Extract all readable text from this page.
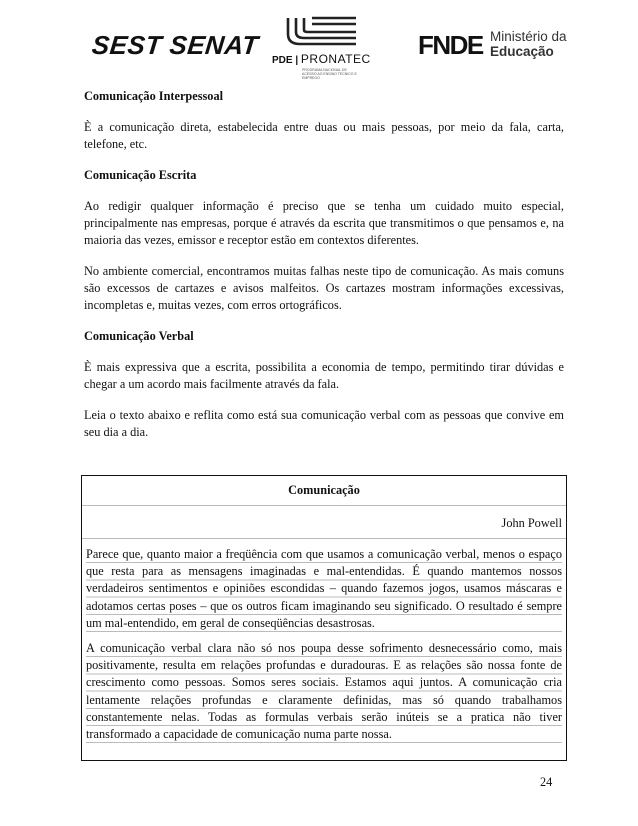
SEST SENAT
PDE | PRONATEC
PROGRAMA NACIONAL DE ACESSO AO ENSINO TÉCNICO E EMPREGO
FNDE Ministério da
Educação

Comunicação Interpessoal

È a comunicação direta, estabelecida entre duas ou mais pessoas, por meio da fala, carta, telefone, etc.

Comunicação Escrita

Ao redigir qualquer informação é preciso que se tenha um cuidado muito especial, principalmente nas empresas, porque é através da escrita que transmitimos o que pensamos e, na maioria das vezes, emissor e receptor estão em contextos diferentes.

No ambiente comercial, encontramos muitas falhas neste tipo de comunicação. As mais comuns são excessos de cartazes e avisos malfeitos. Os cartazes mostram informações excessivas, incompletas e, muitas vezes, com erros ortográficos.

Comunicação Verbal

È mais expressiva que a escrita, possibilita a economia de tempo, permitindo tirar dúvidas e chegar a um acordo mais facilmente através da fala.

Leia o texto abaixo e reflita como está sua comunicação verbal com as pessoas que convive em seu dia a dia.

Comunicação
John Powell

Parece que, quanto maior a freqüência com que usamos a comunicação verbal, menos o espaço que resta para as mensagens imaginadas e mal-entendidas. É quando mantemos nossos verdadeiros sentimentos e opiniões escondidas – quando fazemos jogos, usamos máscaras e adotamos certas poses – que os outros ficam imaginando seu significado. O resultado é sempre um mal-entendido, em geral de conseqüências desastrosas.

A comunicação verbal clara não só nos poupa desse sofrimento desnecessário como, mais positivamente, resulta em relações profundas e duradouras. E as relações são nossa fonte de crescimento como pessoas. Somos seres sociais. Estamos aqui juntos. A comunicação cria lentamente relações profundas e claramente definidas, mas só quando trabalhamos constantemente nelas. Todas as formulas verbais serão inúteis se a pratica não tiver transformado a capacidade de comunicação numa parte nossa.

24
